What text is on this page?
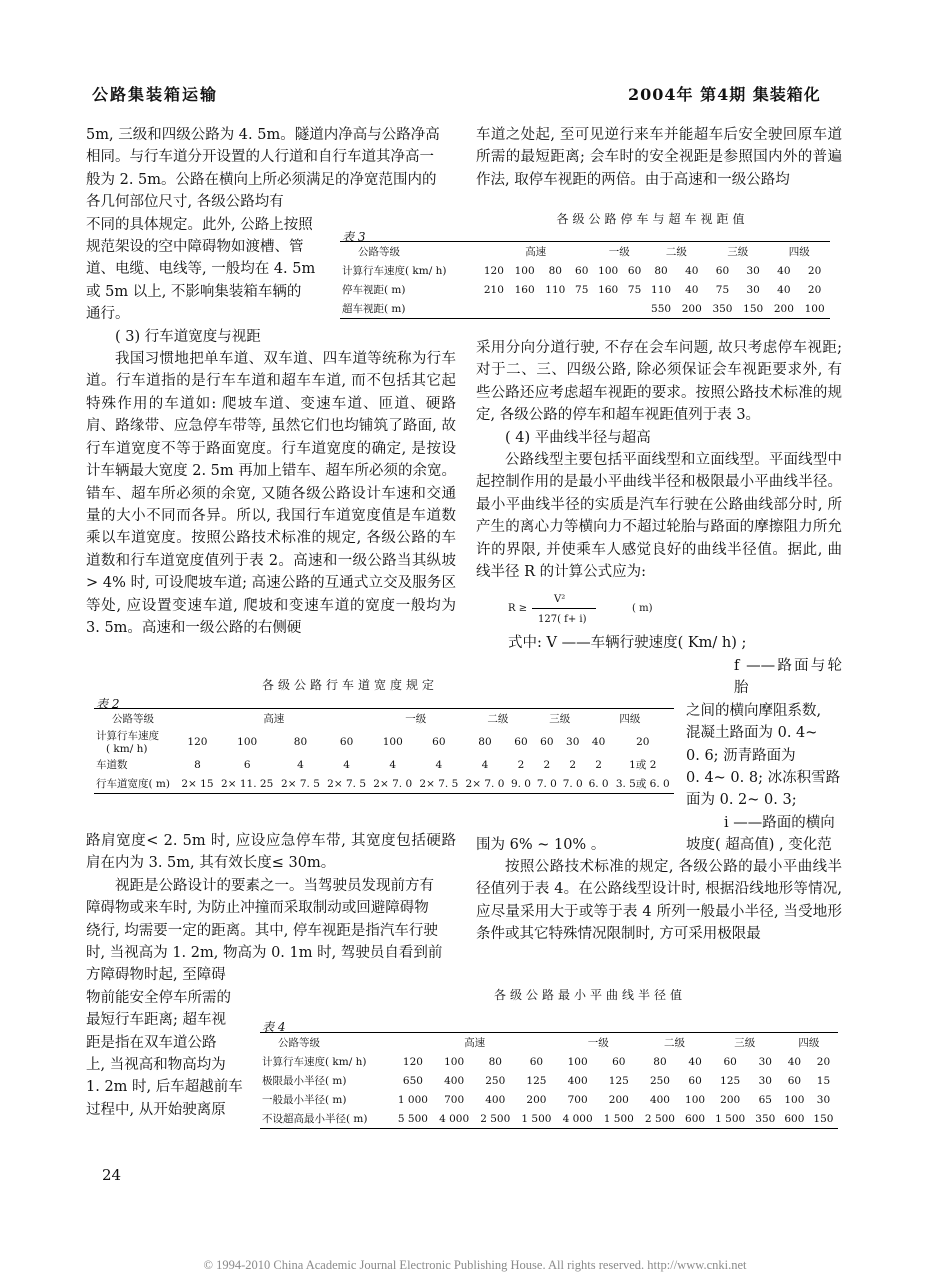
公路集装箱运输	2004年 第4期 集装箱化
5m, 三级和四级公路为 4. 5m。隧道内净高与公路净高
相同。与行车道分开设置的人行道和自行车道其净高一
般为 2. 5m。公路在横向上所必须满足的净宽范围内的
各几何部位尺寸, 各级公路均有
不同的具体规定。此外, 公路上按照
规范架设的空中障碍物如渡槽、管
道、电缆、电线等, 一般均在 4. 5m
或 5m 以上, 不影响集装箱车辆的
通行。

( 3) 行车道宽度与视距

我国习惯地把单车道、双车道、四车道等统称为行车道。行车道指的是行车车道和超车车道, 而不包括其它起特殊作用的车道如: 爬坡车道、变速车道、匝道、硬路肩、路缘带、应急停车带等, 虽然它们也均铺筑了路面, 故行车道宽度不等于路面宽度。行车道宽度的确定, 是按设计车辆最大宽度 2. 5m 再加上错车、超车所必须的余宽。错车、超车所必须的余宽, 又随各级公路设计车速和交通量的大小不同而各异。所以, 我国行车道宽度值是车道数乘以车道宽度。按照公路技术标准的规定, 各级公路的车道数和行车道宽度值列于表 2。高速和一级公路当其纵坡> 4% 时, 可设爬坡车道; 高速公路的互通式立交及服务区等处, 应设置变速车道, 爬坡和变速车道的宽度一般均为 3. 5m。高速和一级公路的右侧硬

车道之处起, 至可见逆行来车并能超车后安全驶回原车道所需的最短距离; 会车时的安全视距是参照国内外的普遍作法, 取停车视距的两倍。由于高速和一级公路均

各级公路停车与超车视距值
表 3
公路等级	高速				一级		二级		三级		四级	
计算行车速度( km/ h)	120	100	80	60	100	60	80	40	60	30	40	20
停车视距( m)	210	160	110	75	160	75	110	40	75	30	40	20
超车视距( m)							550	200	350	150	200	100

采用分向分道行驶, 不存在会车问题, 故只考虑停车视距; 对于二、三、四级公路, 除必须保证会车视距要求外, 有些公路还应考虑超车视距的要求。按照公路技术标准的规定, 各级公路的停车和超车视距值列于表 3。

( 4) 平曲线半径与超高

公路线型主要包括平面线型和立面线型。平面线型中起控制作用的是最小平曲线半径和极限最小平曲线半径。最小平曲线半径的实质是汽车行驶在公路曲线部分时, 所产生的离心力等横向力不超过轮胎与路面的摩擦阻力所允许的界限, 并使乘车人感觉良好的曲线半径值。据此, 曲线半径 R 的计算公式应为:

R ≥
V²
127( f+ i)
( m)
式中: V ——车辆行驶速度( Km/ h) ;
f ——路面与轮胎
之间的横向摩阻系数,
混凝土路面为 0. 4~
0. 6; 沥青路面为
0. 4~ 0. 8; 冰冻积雪路
面为 0. 2~ 0. 3;
i ——路面的横向
坡度( 超高值) , 变化范
围为 6% ~ 10% 。
各级公路行车道宽度规定
表 2
公路等级	高速				一级		二级		三级		四级	

计算行车速度
( km/ h)	120	100	80	60	100	60	80	60	60	30	40	20

车道数	8	6	4	4	4	4	4	2	2	2	2	1或 2

行车道宽度( m)	2× 15	2× 11. 25	2× 7. 5	2× 7. 5	2× 7. 0	2× 7. 5	2× 7. 0	9. 0	7. 0	7. 0	6. 0	3. 5或 6. 0

路肩宽度< 2. 5m 时, 应设应急停车带, 其宽度包括硬路肩在内为 3. 5m, 其有效长度≤ 30m。

视距是公路设计的要素之一。当驾驶员发现前方有
障碍物或来车时, 为防止冲撞而采取制动或回避障碍物
绕行, 均需要一定的距离。其中, 停车视距是指汽车行驶
时, 当视高为 1. 2m, 物高为 0. 1m 时, 驾驶员自看到前
方障碍物时起, 至障碍
物前能安全停车所需的
最短行车距离; 超车视
距是指在双车道公路
上, 当视高和物高均为
1. 2m 时, 后车超越前车
过程中, 从开始驶离原

按照公路技术标准的规定, 各级公路的最小平曲线半径值列于表 4。在公路线型设计时, 根据沿线地形等情况, 应尽量采用大于或等于表 4 所列一般最小半径, 当受地形条件或其它特殊情况限制时, 方可采用极限最

各级公路最小平曲线半径值
表 4
公路等级	高速				一级		二级		三级		四级	
计算行车速度( km/ h)	120	100	80	60	100	60	80	40	60	30	40	20
极限最小半径( m)	650	400	250	125	400	125	250	60	125	30	60	15
一般最小半径( m)	1 000	700	400	200	700	200	400	100	200	65	100	30
不设超高最小半径( m)	5 500	4 000	2 500	1 500	4 000	1 500	2 500	600	1 500	350	600	150
24
© 1994-2010 China Academic Journal Electronic Publishing House. All rights reserved. http://www.cnki.net
